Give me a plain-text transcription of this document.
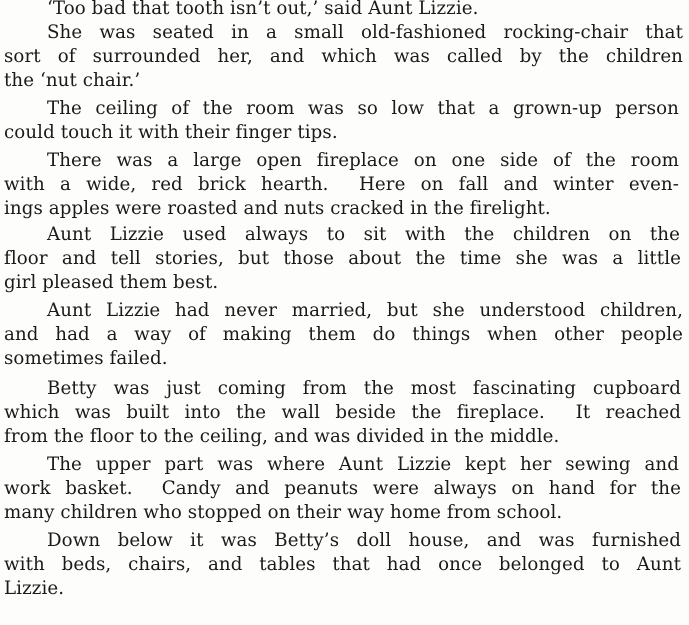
‘Too bad that tooth isn’t out,’ said Aunt Lizzie.
She was seated in a small old-fashioned rocking-chair that
sort of surrounded her, and which was called by the children
the ‘nut chair.’
The ceiling of the room was so low that a grown-up person
could touch it with their finger tips.
There was a large open fireplace on one side of the room
with a wide, red brick hearth.  Here on fall and winter even-
ings apples were roasted and nuts cracked in the firelight.
Aunt Lizzie used always to sit with the children on the
floor and tell stories, but those about the time she was a little
girl pleased them best.
Aunt Lizzie had never married, but she understood children,
and had a way of making them do things when other people
sometimes failed.
Betty was just coming from the most fascinating cupboard
which was built into the wall beside the fireplace.  It reached
from the floor to the ceiling, and was divided in the middle.
The upper part was where Aunt Lizzie kept her sewing and
work basket.  Candy and peanuts were always on hand for the
many children who stopped on their way home from school.
Down below it was Betty’s doll house, and was furnished
with beds, chairs, and tables that had once belonged to Aunt
Lizzie.
